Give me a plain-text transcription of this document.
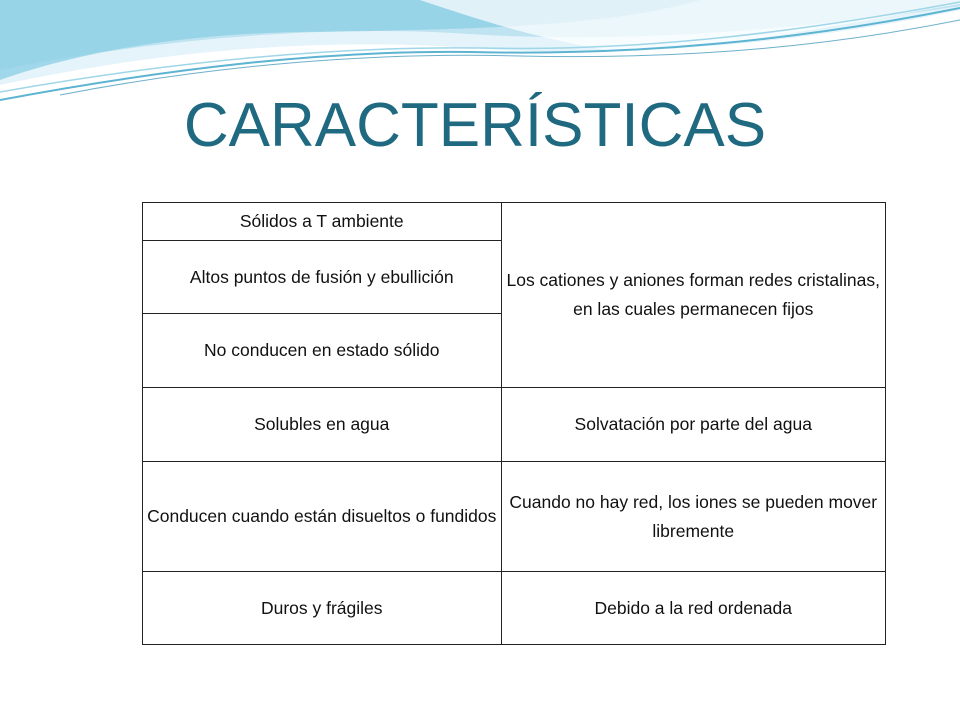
CARACTERÍSTICAS
Sólidos a T ambiente	Los cationes y aniones forman redes cristalinas, en las cuales permanecen fijos
Altos puntos de fusión y ebullición	
No conducen en estado sólido	
Solubles en agua	Solvatación por parte del agua
Conducen cuando están disueltos o fundidos	Cuando no hay red, los iones se pueden mover libremente
Duros y frágiles	Debido a la red ordenada
